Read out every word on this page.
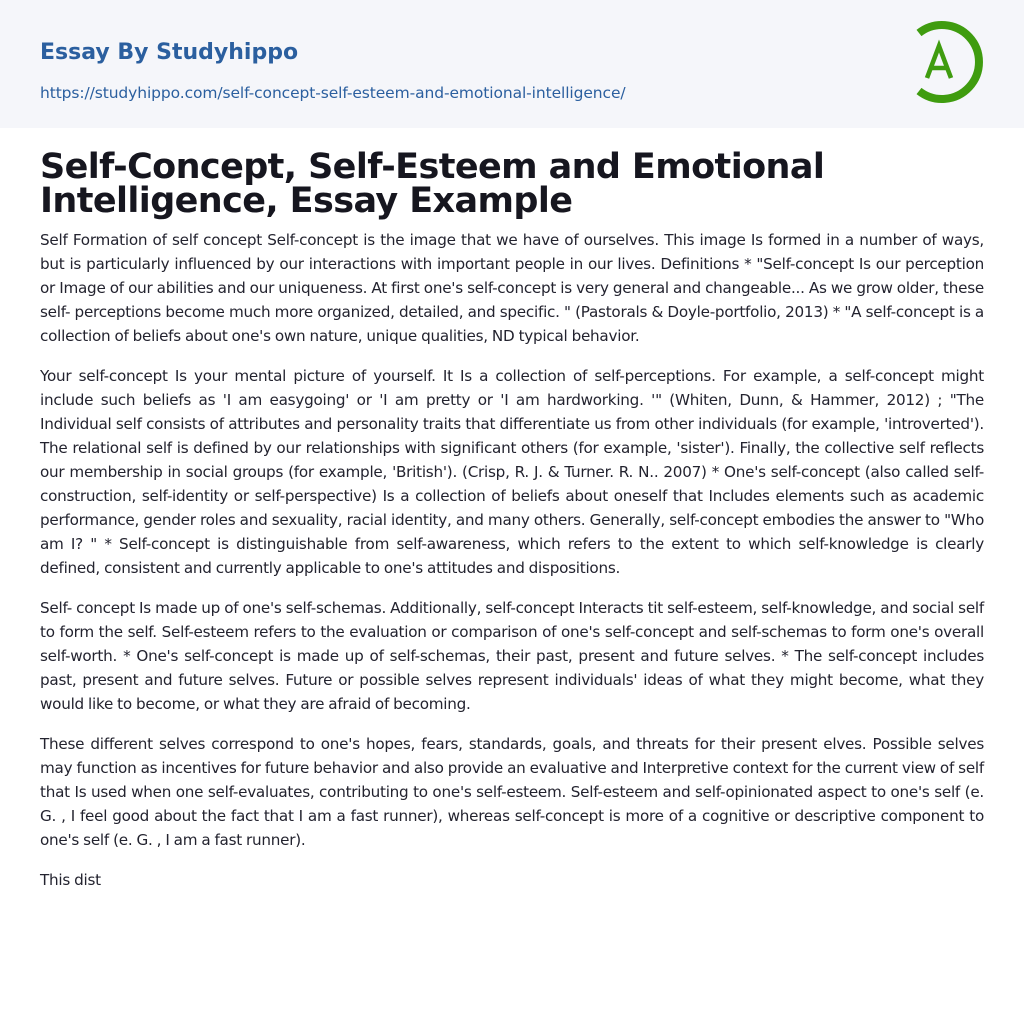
Essay By Studyhippo
https://studyhippo.com/self-concept-self-esteem-and-emotional-intelligence/
Self-Concept, Self-Esteem and Emotional Intelligence, Essay Example

Self Formation of self concept Self-concept is the image that we have of ourselves. This image Is formed in a number of ways, but is particularly influenced by our interactions with important people in our lives. Definitions * "Self-concept Is our perception or Image of our abilities and our uniqueness. At first one's self-concept is very general and changeable... As we grow older, these self- perceptions become much more organized, detailed, and specific. " (Pastorals & Doyle-portfolio, 2013) * "A self-concept is a collection of beliefs about one's own nature, unique qualities, ND typical behavior.

Your self-concept Is your mental picture of yourself. It Is a collection of self-perceptions. For example, a self-concept might include such beliefs as 'I am easygoing' or 'I am pretty or 'I am hardworking. '" (Whiten, Dunn, & Hammer, 2012) ; "The Individual self consists of attributes and personality traits that differentiate us from other individuals (for example, 'introverted'). The relational self is defined by our relationships with significant others (for example, 'sister'). Finally, the collective self reflects our membership in social groups (for example, 'British'). (Crisp, R. J. & Turner. R. N.. 2007) * One's self-concept (also called self-construction, self-identity or self-perspective) Is a collection of beliefs about oneself that Includes elements such as academic performance, gender roles and sexuality, racial identity, and many others. Generally, self-concept embodies the answer to "Who am I? " * Self-concept is distinguishable from self-awareness, which refers to the extent to which self-knowledge is clearly defined, consistent and currently applicable to one's attitudes and dispositions.

Self- concept Is made up of one's self-schemas. Additionally, self-concept Interacts tit self-esteem, self-knowledge, and social self to form the self. Self-esteem refers to the evaluation or comparison of one's self-concept and self-schemas to form one's overall self-worth. * One's self-concept is made up of self-schemas, their past, present and future selves. * The self-concept includes past, present and future selves. Future or possible selves represent individuals' ideas of what they might become, what they would like to become, or what they are afraid of becoming.

These different selves correspond to one's hopes, fears, standards, goals, and threats for their present elves. Possible selves may function as incentives for future behavior and also provide an evaluative and Interpretive context for the current view of self that Is used when one self-evaluates, contributing to one's self-esteem. Self-esteem and self-opinionated aspect to one's self (e. G. , I feel good about the fact that I am a fast runner), whereas self-concept is more of a cognitive or descriptive component to one's self (e. G. , I am a fast runner).

This dist
